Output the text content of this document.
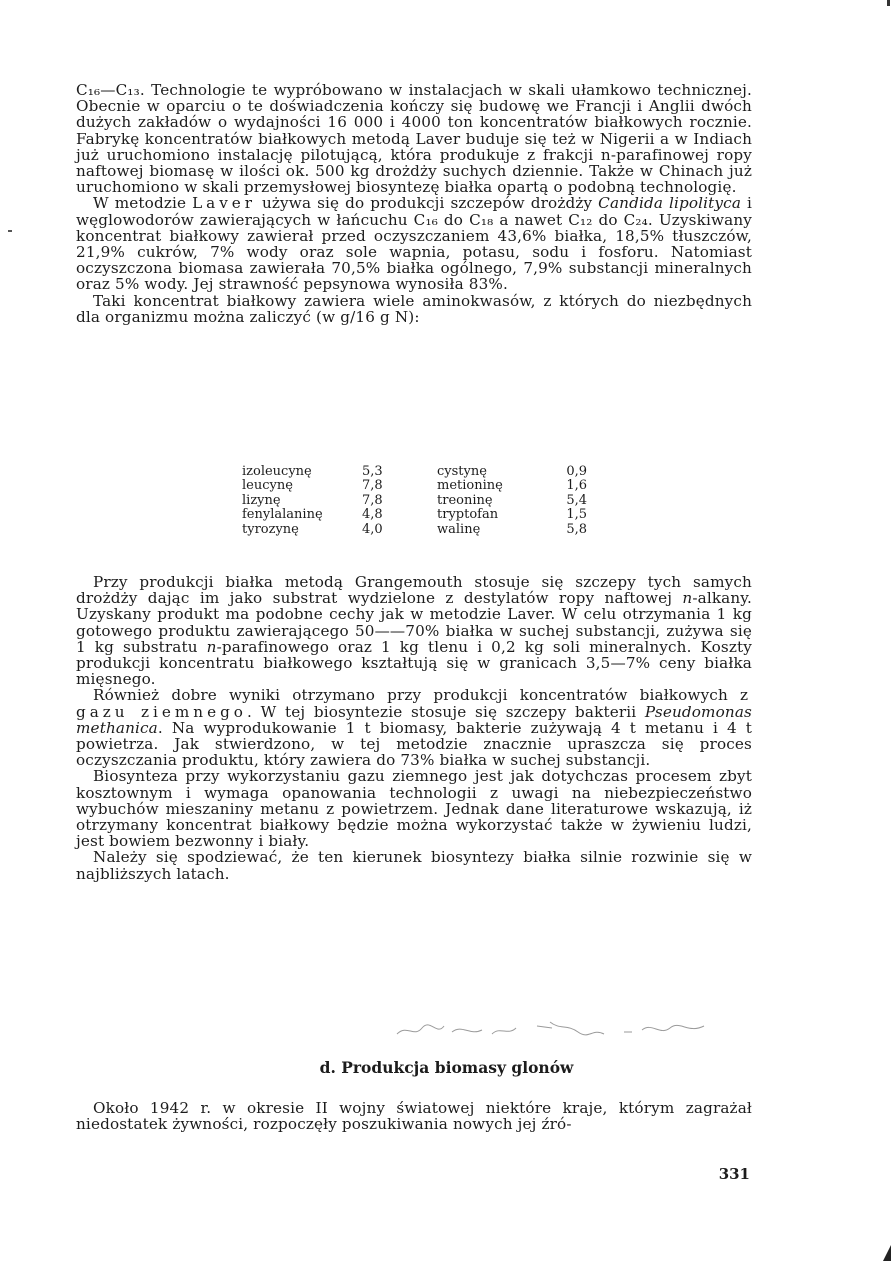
C₁₆—C₁₃. Technologie te wypróbowano w instalacjach w skali ułamkowo technicznej. Obecnie w oparciu o te doświadczenia kończy się budowę we Francji i Anglii dwóch dużych zakładów o wydajności 16 000 i 4000 ton koncentratów białkowych rocznie. Fabrykę koncentratów białkowych metodą Laver buduje się też w Nigerii a w Indiach już uruchomiono instalację pilotującą, która produkuje z frakcji n-parafinowej ropy naftowej biomasę w ilości ok. 500 kg drożdży suchych dziennie. Także w Chinach już uruchomiono w skali przemysłowej biosyntezę białka opartą o podobną technologię.

W metodzie Laver używa się do produkcji szczepów drożdży Candida lipolityca i węglowodorów zawierających w łańcuchu C₁₆ do C₁₈ a nawet C₁₂ do C₂₄. Uzyskiwany koncentrat białkowy zawierał przed oczyszczaniem 43,6% białka, 18,5% tłuszczów, 21,9% cukrów, 7% wody oraz sole wapnia, potasu, sodu i fosforu. Natomiast oczyszczona biomasa zawierała 70,5% białka ogólnego, 7,9% substancji mineralnych oraz 5% wody. Jej strawność pepsynowa wynosiła 83%.

Taki koncentrat białkowy zawiera wiele aminokwasów, z których do niezbędnych dla organizmu można zaliczyć (w g/16 g N):

izoleucynę	5,3	cystynę	0,9
leucynę	7,8	metioninę	1,6
lizynę	7,8	treoninę	5,4
fenylalaninę	4,8	tryptofan	1,5
tyrozynę	4,0	walinę	5,8

Przy produkcji białka metodą Grangemouth stosuje się szczepy tych samych drożdży dając im jako substrat wydzielone z destylatów ropy naftowej n-alkany. Uzyskany produkt ma podobne cechy jak w metodzie Laver. W celu otrzymania 1 kg gotowego produktu zawierającego 50——70% białka w suchej substancji, zużywa się 1 kg substratu n-parafinowego oraz 1 kg tlenu i 0,2 kg soli mineralnych. Koszty produkcji koncentratu białkowego kształtują się w granicach 3,5—7% ceny białka mięsnego.

Również dobre wyniki otrzymano przy produkcji koncentratów białkowych z gazu ziemnego. W tej biosyntezie stosuje się szczepy bakterii Pseudomonas methanica. Na wyprodukowanie 1 t biomasy, bakterie zużywają 4 t metanu i 4 t powietrza. Jak stwierdzono, w tej metodzie znacznie upraszcza się proces oczyszczania produktu, który zawiera do 73% białka w suchej substancji.

Biosynteza przy wykorzystaniu gazu ziemnego jest jak dotychczas procesem zbyt kosztownym i wymaga opanowania technologii z uwagi na niebezpieczeństwo wybuchów mieszaniny metanu z powietrzem. Jednak dane literaturowe wskazują, iż otrzymany koncentrat białkowy będzie można wykorzystać także w żywieniu ludzi, jest bowiem bezwonny i biały.

Należy się spodziewać, że ten kierunek biosyntezy białka silnie rozwinie się w najbliższych latach.

d. Produkcja biomasy glonów

Około 1942 r. w okresie II wojny światowej niektóre kraje, którym zagrażał niedostatek żywności, rozpoczęły poszukiwania nowych jej źró-

331
